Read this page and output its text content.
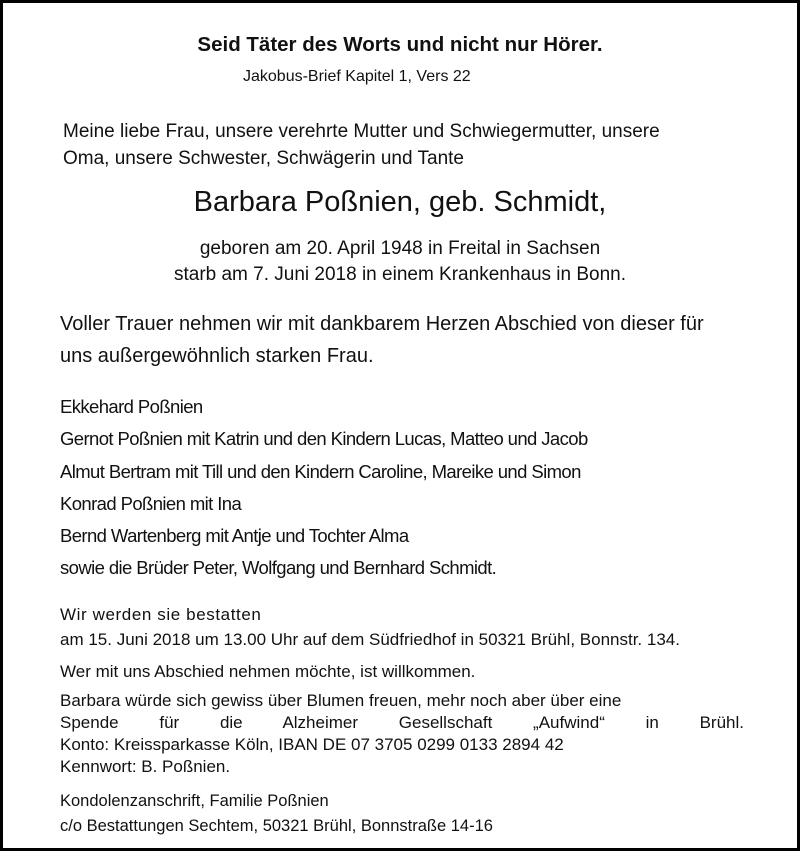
Seid Täter des Worts und nicht nur Hörer.
Jakobus-Brief Kapitel 1, Vers 22
Meine liebe Frau, unsere verehrte Mutter und Schwiegermutter, unsere
Oma, unsere Schwester, Schwägerin und Tante
Barbara Poßnien, geb. Schmidt,
geboren am 20. April 1948 in Freital in Sachsen
starb am 7. Juni 2018 in einem Krankenhaus in Bonn.
Voller Trauer nehmen wir mit dankbarem Herzen Abschied von dieser für
uns außergewöhnlich starken Frau.
Ekkehard Poßnien
Gernot Poßnien mit Katrin und den Kindern Lucas, Matteo und Jacob
Almut Bertram mit Till und den Kindern Caroline, Mareike und Simon
Konrad Poßnien mit Ina
Bernd Wartenberg mit Antje und Tochter Alma
sowie die Brüder Peter, Wolfgang und Bernhard Schmidt.
Wir werden sie bestatten
am 15. Juni 2018 um 13.00 Uhr auf dem Südfriedhof in 50321 Brühl, Bonnstr. 134.
Wer mit uns Abschied nehmen möchte, ist willkommen.
Barbara würde sich gewiss über Blumen freuen, mehr noch aber über eine
Spende für die Alzheimer Gesellschaft „Aufwind“ in Brühl.
Konto: Kreissparkasse Köln, IBAN DE 07 3705 0299 0133 2894 42
Kennwort: B. Poßnien.
Kondolenzanschrift, Familie Poßnien
c/o Bestattungen Sechtem, 50321 Brühl, Bonnstraße 14-16
